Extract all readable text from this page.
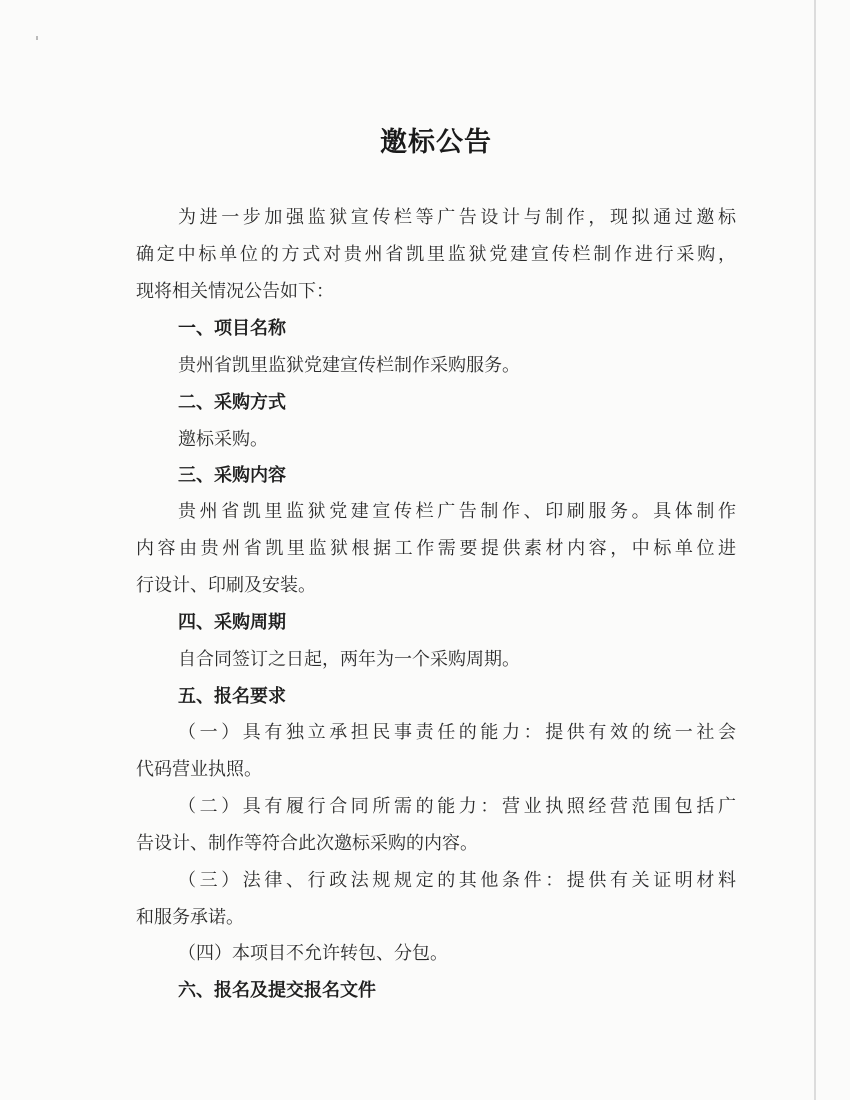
邀标公告
为进一步加强监狱宣传栏等广告设计与制作，现拟通过邀标
确定中标单位的方式对贵州省凯里监狱党建宣传栏制作进行采购，
现将相关情况公告如下：
一、项目名称
贵州省凯里监狱党建宣传栏制作采购服务。
二、采购方式
邀标采购。
三、采购内容
贵州省凯里监狱党建宣传栏广告制作、印刷服务。具体制作
内容由贵州省凯里监狱根据工作需要提供素材内容，中标单位进
行设计、印刷及安装。
四、采购周期
自合同签订之日起，两年为一个采购周期。
五、报名要求
（一）具有独立承担民事责任的能力：提供有效的统一社会
代码营业执照。
（二）具有履行合同所需的能力：营业执照经营范围包括广
告设计、制作等符合此次邀标采购的内容。
（三）法律、行政法规规定的其他条件：提供有关证明材料
和服务承诺。
（四）本项目不允许转包、分包。
六、报名及提交报名文件
